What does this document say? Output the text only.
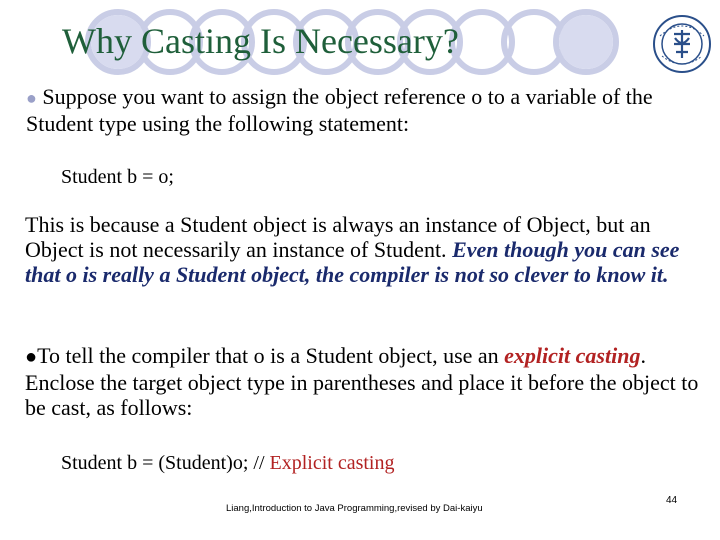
Why Casting Is Necessary?
● Suppose you want to assign the object reference o to a variable of the Student type using the following statement:
Student b = o;
This is because a Student object is always an instance of Object, but an Object is not necessarily an instance of Student. Even though you can see that o is really a Student object, the compiler is not so clever to know it.
●To tell the compiler that o is a Student object, use an explicit casting. Enclose the target object type in parentheses and place it before the object to be cast, as follows:
Student b = (Student)o; // Explicit casting
Liang,Introduction to Java Programming,revised by Dai-kaiyu
44
